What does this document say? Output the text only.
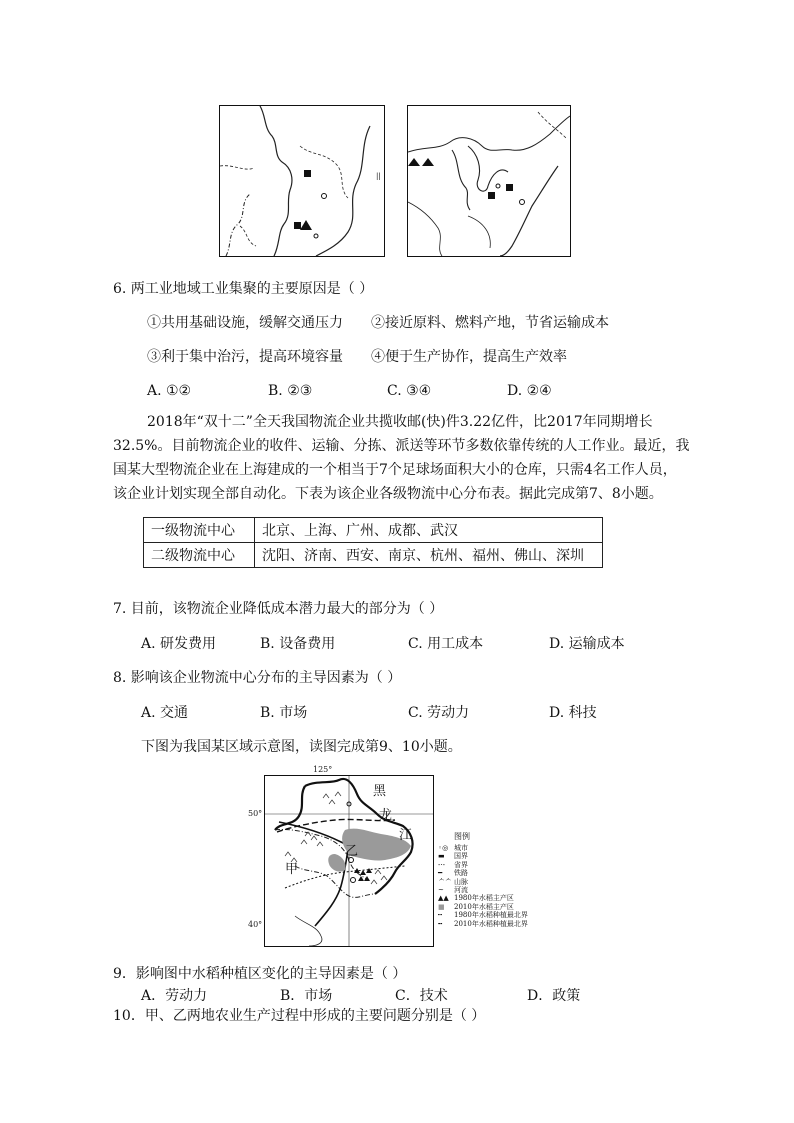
||
6. 两工业地域工业集聚的主要原因是（ ）
①共用基础设施，缓解交通压力 ②接近原料、燃料产地，节省运输成本
③利于集中治污，提高环境容量 ④便于生产协作，提高生产效率
A. ①②	B. ②③	C. ③④	D. ②④
2018年“双十二”全天我国物流企业共揽收邮(快)件3.22亿件，比2017年同期增长
32.5%。目前物流企业的收件、运输、分拣、派送等环节多数依靠传统的人工作业。最近，我
国某大型物流企业在上海建成的一个相当于7个足球场面积大小的仓库，只需4名工作人员，
该企业计划实现全部自动化。下表为该企业各级物流中心分布表。据此完成第7、8小题。
一级物流中心	北京、上海、广州、成都、武汉
二级物流中心	沈阳、济南、西安、南京、杭州、福州、佛山、深圳
7. 目前，该物流企业降低成本潜力最大的部分为（ ）
A. 研发费用	B. 设备费用	C. 用工成本	D. 运输成本
8. 影响该企业物流中心分布的主导因素为（ ）
A. 交通	B. 市场	C. 劳动力	D. 科技
下图为我国某区域示意图，读图完成第9、10小题。
黑
龙
江
甲
乙
125°
50°
40°
图例
◦◎ 城市
▬ 国界
‑·‑ 省界
━ 铁路
ᄉᄉ 山脉
~ 河流
▲▲ 1980年水稻主产区
■ 2010年水稻主产区
┅ 1980年水稻种植最北界
╍ 2010年水稻种植最北界
9．影响图中水稻种植区变化的主导因素是（ ）
A．劳动力	B．市场	C．技术	D．政策
10．甲、乙两地农业生产过程中形成的主要问题分别是（ ）
